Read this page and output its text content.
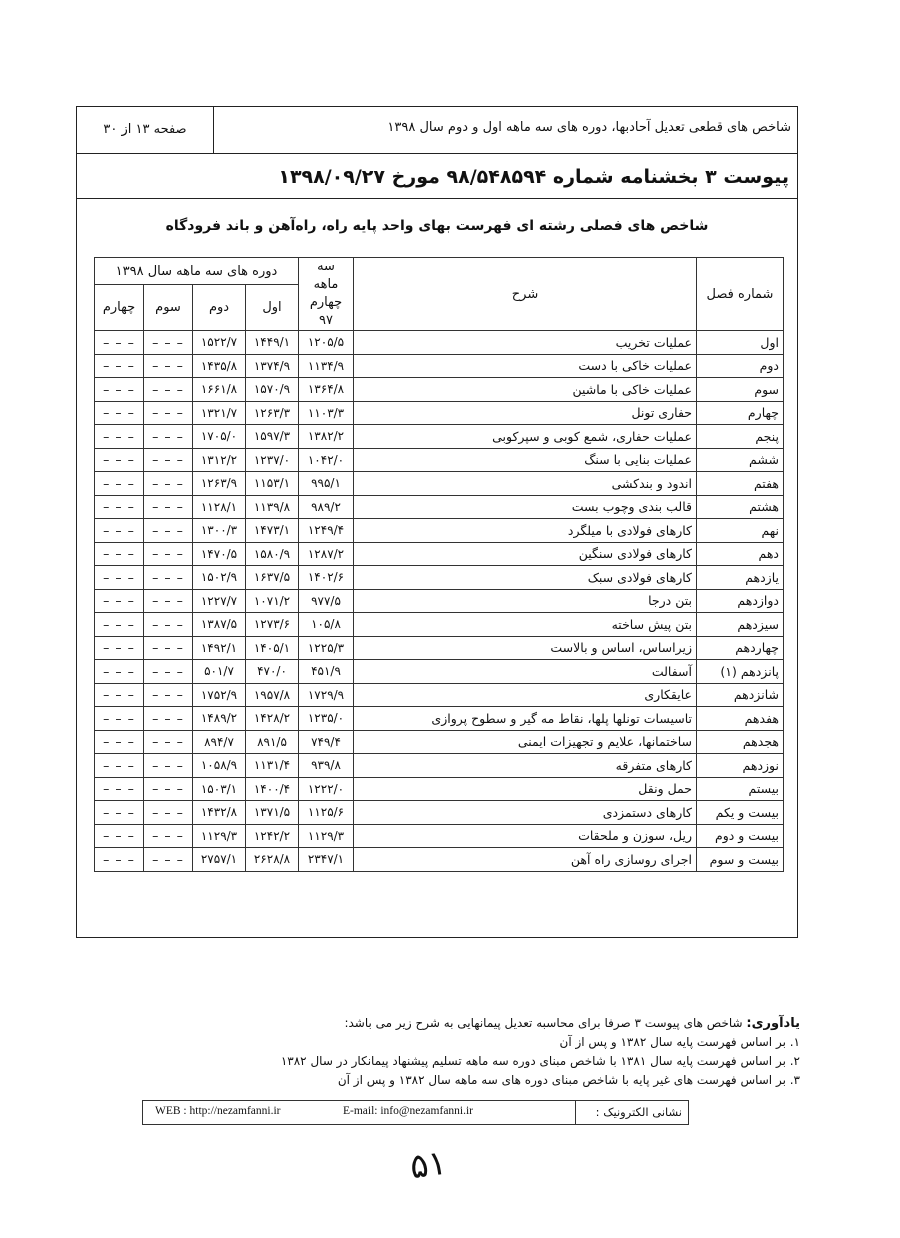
شاخص های قطعی تعدیل آحادبها، دوره های سه ماهه اول و دوم سال ۱۳۹۸
صفحه ۱۳ از ۳۰
پیوست ۳ بخشنامه شماره ۹۸/۵۴۸۵۹۴ مورخ ۱۳۹۸/۰۹/۲۷
شاخص های فصلی رشته ای فهرست بهای واحد پایه راه، راه‌آهن و باند فرودگاه
شماره فصل	شرح	سه ماهه چهارم ۹۷	دوره های سه ماهه سال ۱۳۹۸			
			اول	دوم	سوم	چهارم
اول	عملیات تخریب	۱۲۰۵/۵	۱۴۴۹/۱	۱۵۲۲/۷	– – –	– – –
دوم	عملیات خاکی با دست	۱۱۳۴/۹	۱۳۷۴/۹	۱۴۳۵/۸	– – –	– – –
سوم	عملیات خاکی با ماشین	۱۳۶۴/۸	۱۵۷۰/۹	۱۶۶۱/۸	– – –	– – –
چهارم	حفاری تونل	۱۱۰۳/۳	۱۲۶۳/۳	۱۳۲۱/۷	– – –	– – –
پنجم	عملیات حفاری، شمع کوبی و سپرکوبی	۱۳۸۲/۲	۱۵۹۷/۳	۱۷۰۵/۰	– – –	– – –
ششم	عملیات بنایی با سنگ	۱۰۴۲/۰	۱۲۳۷/۰	۱۳۱۲/۲	– – –	– – –
هفتم	اندود و بندکشی	۹۹۵/۱	۱۱۵۳/۱	۱۲۶۳/۹	– – –	– – –
هشتم	قالب بندی وچوب بست	۹۸۹/۲	۱۱۳۹/۸	۱۱۲۸/۱	– – –	– – –
نهم	کارهای فولادی با میلگرد	۱۲۴۹/۴	۱۴۷۳/۱	۱۳۰۰/۳	– – –	– – –
دهم	کارهای فولادی سنگین	۱۲۸۷/۲	۱۵۸۰/۹	۱۴۷۰/۵	– – –	– – –
یازدهم	کارهای فولادی سبک	۱۴۰۲/۶	۱۶۳۷/۵	۱۵۰۲/۹	– – –	– – –
دوازدهم	بتن درجا	۹۷۷/۵	۱۰۷۱/۲	۱۲۲۷/۷	– – –	– – –
سیزدهم	بتن پیش ساخته	۱۰۵/۸	۱۲۷۳/۶	۱۳۸۷/۵	– – –	– – –
چهاردهم	زیراساس، اساس و بالاست	۱۲۲۵/۳	۱۴۰۵/۱	۱۴۹۲/۱	– – –	– – –
پانزدهم (۱)	آسفالت	۴۵۱/۹	۴۷۰/۰	۵۰۱/۷	– – –	– – –
شانزدهم	عایقکاری	۱۷۲۹/۹	۱۹۵۷/۸	۱۷۵۲/۹	– – –	– – –
هفدهم	تاسیسات تونلها پلها، نقاط مه گیر و سطوح پروازی	۱۲۳۵/۰	۱۴۲۸/۲	۱۴۸۹/۲	– – –	– – –
هجدهم	ساختمانها، علایم و تجهیزات ایمنی	۷۴۹/۴	۸۹۱/۵	۸۹۴/۷	– – –	– – –
نوزدهم	کارهای متفرقه	۹۳۹/۸	۱۱۳۱/۴	۱۰۵۸/۹	– – –	– – –
بیستم	حمل ونقل	۱۲۲۲/۰	۱۴۰۰/۴	۱۵۰۳/۱	– – –	– – –
بیست و یکم	کارهای دستمزدی	۱۱۲۵/۶	۱۳۷۱/۵	۱۴۳۲/۸	– – –	– – –
بیست و دوم	ریل، سوزن و ملحقات	۱۱۲۹/۳	۱۲۴۲/۲	۱۱۲۹/۳	– – –	– – –
بیست و سوم	اجرای روسازی راه آهن	۲۳۴۷/۱	۲۶۲۸/۸	۲۷۵۷/۱	– – –	– – –
یادآوری: شاخص های پیوست ۳ صرفا برای محاسبه تعدیل پیمانهایی به شرح زیر می باشد:
۱. بر اساس فهرست پایه سال ۱۳۸۲ و پس از آن
۲. بر اساس فهرست پایه سال ۱۳۸۱ با شاخص مبنای دوره سه ماهه تسلیم پیشنهاد پیمانکار در سال ۱۳۸۲
۳. بر اساس فهرست های غیر پایه با شاخص مبنای دوره های سه ماهه سال ۱۳۸۲ و پس از آن
نشانی الکترونیک :
E-mail: info@nezamfanni.ir
WEB : http://nezamfanni.ir
۵۱
